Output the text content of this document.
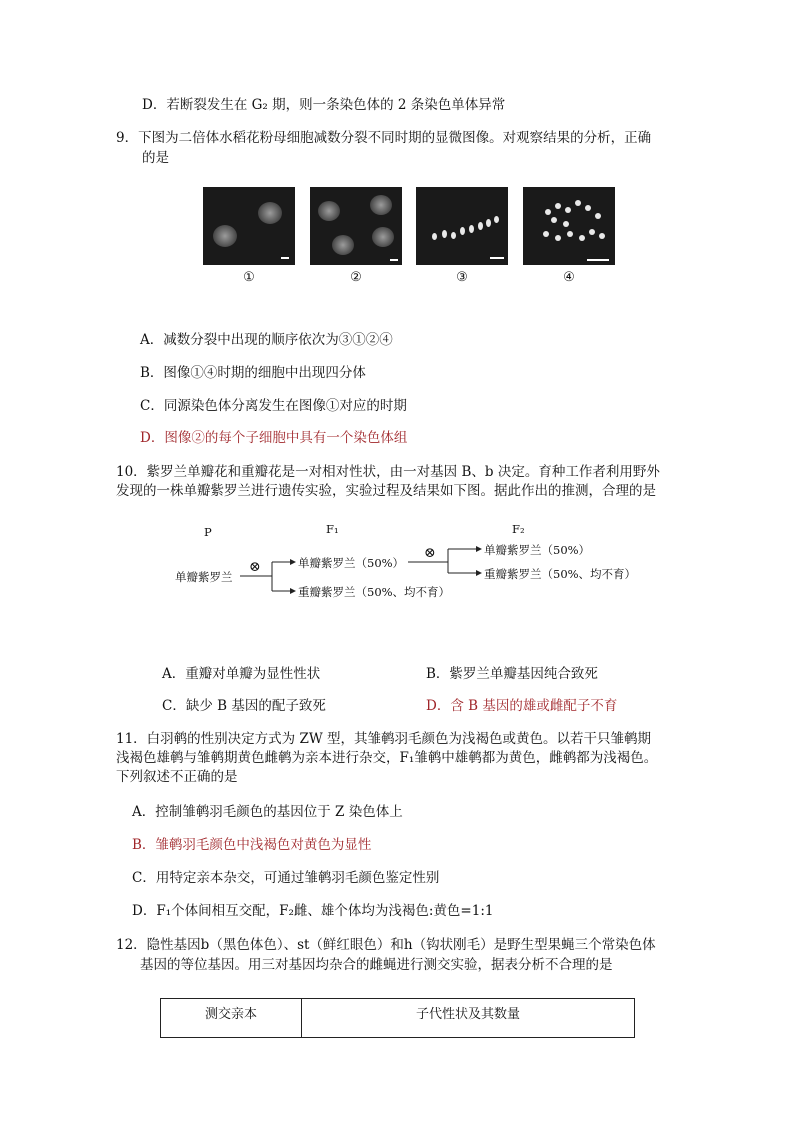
D．若断裂发生在 G₂ 期，则一条染色体的 2 条染色单体异常
9．下图为二倍体水稻花粉母细胞减数分裂不同时期的显微图像。对观察结果的分析，正确
的是
①	②	③	④
A．减数分裂中出现的顺序依次为③①②④
B．图像①④时期的细胞中出现四分体
C．同源染色体分离发生在图像①对应的时期
D．图像②的每个子细胞中具有一个染色体组
10．紫罗兰单瓣花和重瓣花是一对相对性状，由一对基因 B、b 决定。育种工作者利用野外
发现的一株单瓣紫罗兰进行遗传实验，实验过程及结果如下图。据此作出的推测，合理的是
P	F₁	F₂
单瓣紫罗兰
⊗
⊗
单瓣紫罗兰（50%）
重瓣紫罗兰（50%、均不育）
单瓣紫罗兰（50%）
重瓣紫罗兰（50%、均不育）
A．重瓣对单瓣为显性性状	B．紫罗兰单瓣基因纯合致死
C．缺少 B 基因的配子致死	D．含 B 基因的雄或雌配子不育
11．白羽鹌的性别决定方式为 ZW 型，其雏鹌羽毛颜色为浅褐色或黄色。以若干只雏鹌期
浅褐色雄鹌与雏鹌期黄色雌鹌为亲本进行杂交，F₁雏鹌中雄鹌都为黄色，雌鹌都为浅褐色。
下列叙述不正确的是
A．控制雏鹌羽毛颜色的基因位于 Z 染色体上
B．雏鹌羽毛颜色中浅褐色对黄色为显性
C．用特定亲本杂交，可通过雏鹌羽毛颜色鉴定性别
D．F₁个体间相互交配，F₂雌、雄个体均为浅褐色:黄色=1:1
12．隐性基因b（黑色体色）、st（鲜红眼色）和h（钩状刚毛）是野生型果蝇三个常染色体
基因的等位基因。用三对基因均杂合的雌蝇进行测交实验，据表分析不合理的是
测交亲本	子代性状及其数量
